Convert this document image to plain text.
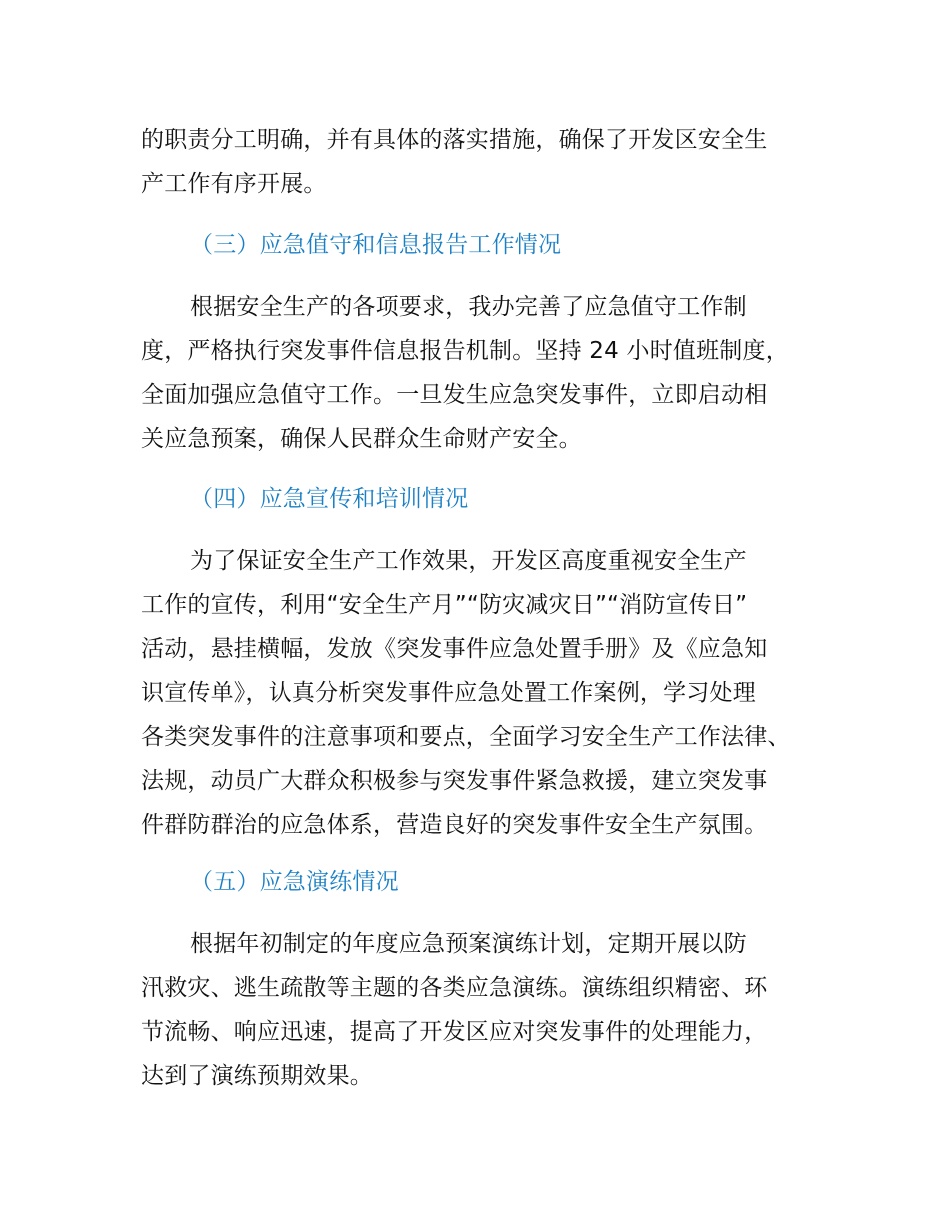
的职责分工明确，并有具体的落实措施，确保了开发区安全生
产工作有序开展。
（三）应急值守和信息报告工作情况
根据安全生产的各项要求，我办完善了应急值守工作制
度，严格执行突发事件信息报告机制。坚持 24 小时值班制度，
全面加强应急值守工作。一旦发生应急突发事件，立即启动相
关应急预案，确保人民群众生命财产安全。
（四）应急宣传和培训情况
为了保证安全生产工作效果，开发区高度重视安全生产
工作的宣传，利用“安全生产月”“防灾减灾日”“消防宣传日”
活动，悬挂横幅，发放《突发事件应急处置手册》及《应急知
识宣传单》，认真分析突发事件应急处置工作案例，学习处理
各类突发事件的注意事项和要点，全面学习安全生产工作法律、
法规，动员广大群众积极参与突发事件紧急救援，建立突发事
件群防群治的应急体系，营造良好的突发事件安全生产氛围。
（五）应急演练情况
根据年初制定的年度应急预案演练计划，定期开展以防
汛救灾、逃生疏散等主题的各类应急演练。演练组织精密、环
节流畅、响应迅速，提高了开发区应对突发事件的处理能力，
达到了演练预期效果。
